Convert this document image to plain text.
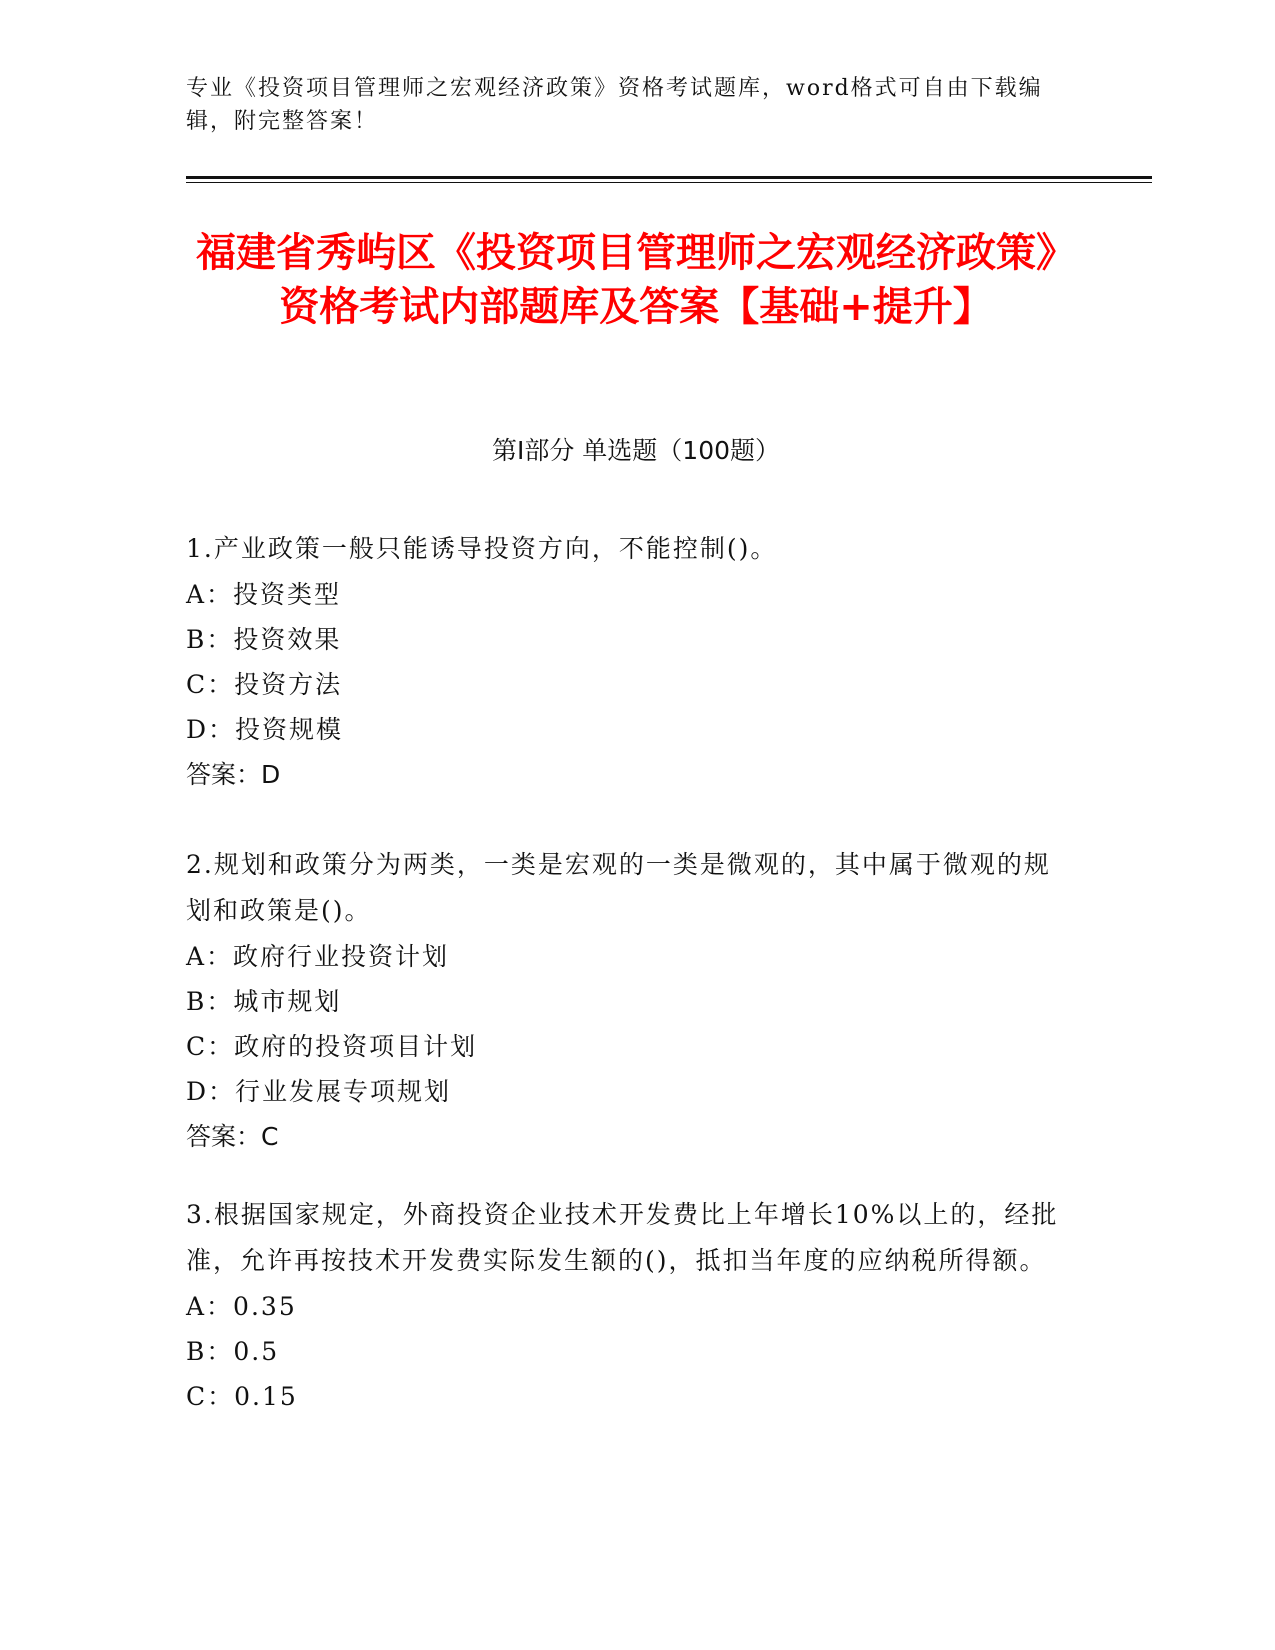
专业《投资项目管理师之宏观经济政策》资格考试题库，word格式可自由下载编辑，附完整答案！
福建省秀屿区《投资项目管理师之宏观经济政策》资格考试内部题库及答案【基础+提升】
第Ⅰ部分 单选题（100题）
1.产业政策一般只能诱导投资方向，不能控制()。
A：投资类型
B：投资效果
C：投资方法
D：投资规模
答案：D
2.规划和政策分为两类，一类是宏观的一类是微观的，其中属于微观的规划和政策是()。
A：政府行业投资计划
B：城市规划
C：政府的投资项目计划
D：行业发展专项规划
答案：C
3.根据国家规定，外商投资企业技术开发费比上年增长10%以上的，经批准，允许再按技术开发费实际发生额的()，抵扣当年度的应纳税所得额。
A：0.35
B：0.5
C：0.15
